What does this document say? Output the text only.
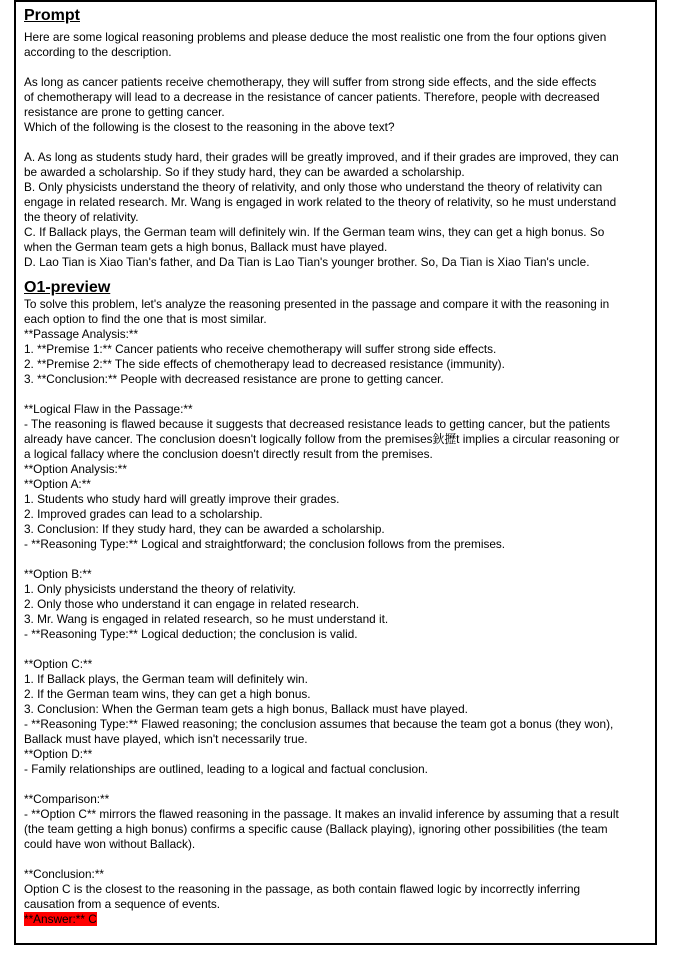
Prompt
Here are some logical reasoning problems and please deduce the most realistic one from the four options given
according to the description.
As long as cancer patients receive chemotherapy, they will suffer from strong side effects, and the side effects
of chemotherapy will lead to a decrease in the resistance of cancer patients. Therefore, people with decreased
resistance are prone to getting cancer.
Which of the following is the closest to the reasoning in the above text?
A. As long as students study hard, their grades will be greatly improved, and if their grades are improved, they can
be awarded a scholarship. So if they study hard, they can be awarded a scholarship.
B. Only physicists understand the theory of relativity, and only those who understand the theory of relativity can
engage in related research. Mr. Wang is engaged in work related to the theory of relativity, so he must understand
the theory of relativity.
C. If Ballack plays, the German team will definitely win. If the German team wins, they can get a high bonus. So
when the German team gets a high bonus, Ballack must have played.
D. Lao Tian is Xiao Tian's father, and Da Tian is Lao Tian's younger brother. So, Da Tian is Xiao Tian's uncle.
O1-preview
To solve this problem, let's analyze the reasoning presented in the passage and compare it with the reasoning in
each option to find the one that is most similar.
**Passage Analysis:**
1. **Premise 1:** Cancer patients who receive chemotherapy will suffer strong side effects.
2. **Premise 2:** The side effects of chemotherapy lead to decreased resistance (immunity).
3. **Conclusion:** People with decreased resistance are prone to getting cancer.
**Logical Flaw in the Passage:**
- The reasoning is flawed because it suggests that decreased resistance leads to getting cancer, but the patients
already have cancer. The conclusion doesn't logically follow from the premises鈥攊t implies a circular reasoning or
a logical fallacy where the conclusion doesn't directly result from the premises.
**Option Analysis:**
**Option A:**
1. Students who study hard will greatly improve their grades.
2. Improved grades can lead to a scholarship.
3. Conclusion: If they study hard, they can be awarded a scholarship.
- **Reasoning Type:** Logical and straightforward; the conclusion follows from the premises.
**Option B:**
1. Only physicists understand the theory of relativity.
2. Only those who understand it can engage in related research.
3. Mr. Wang is engaged in related research, so he must understand it.
- **Reasoning Type:** Logical deduction; the conclusion is valid.
**Option C:**
1. If Ballack plays, the German team will definitely win.
2. If the German team wins, they can get a high bonus.
3. Conclusion: When the German team gets a high bonus, Ballack must have played.
- **Reasoning Type:** Flawed reasoning; the conclusion assumes that because the team got a bonus (they won),
Ballack must have played, which isn't necessarily true.
**Option D:**
- Family relationships are outlined, leading to a logical and factual conclusion.
**Comparison:**
- **Option C** mirrors the flawed reasoning in the passage. It makes an invalid inference by assuming that a result
(the team getting a high bonus) confirms a specific cause (Ballack playing), ignoring other possibilities (the team
could have won without Ballack).
**Conclusion:**
Option C is the closest to the reasoning in the passage, as both contain flawed logic by incorrectly inferring
causation from a sequence of events.
**Answer:** C
